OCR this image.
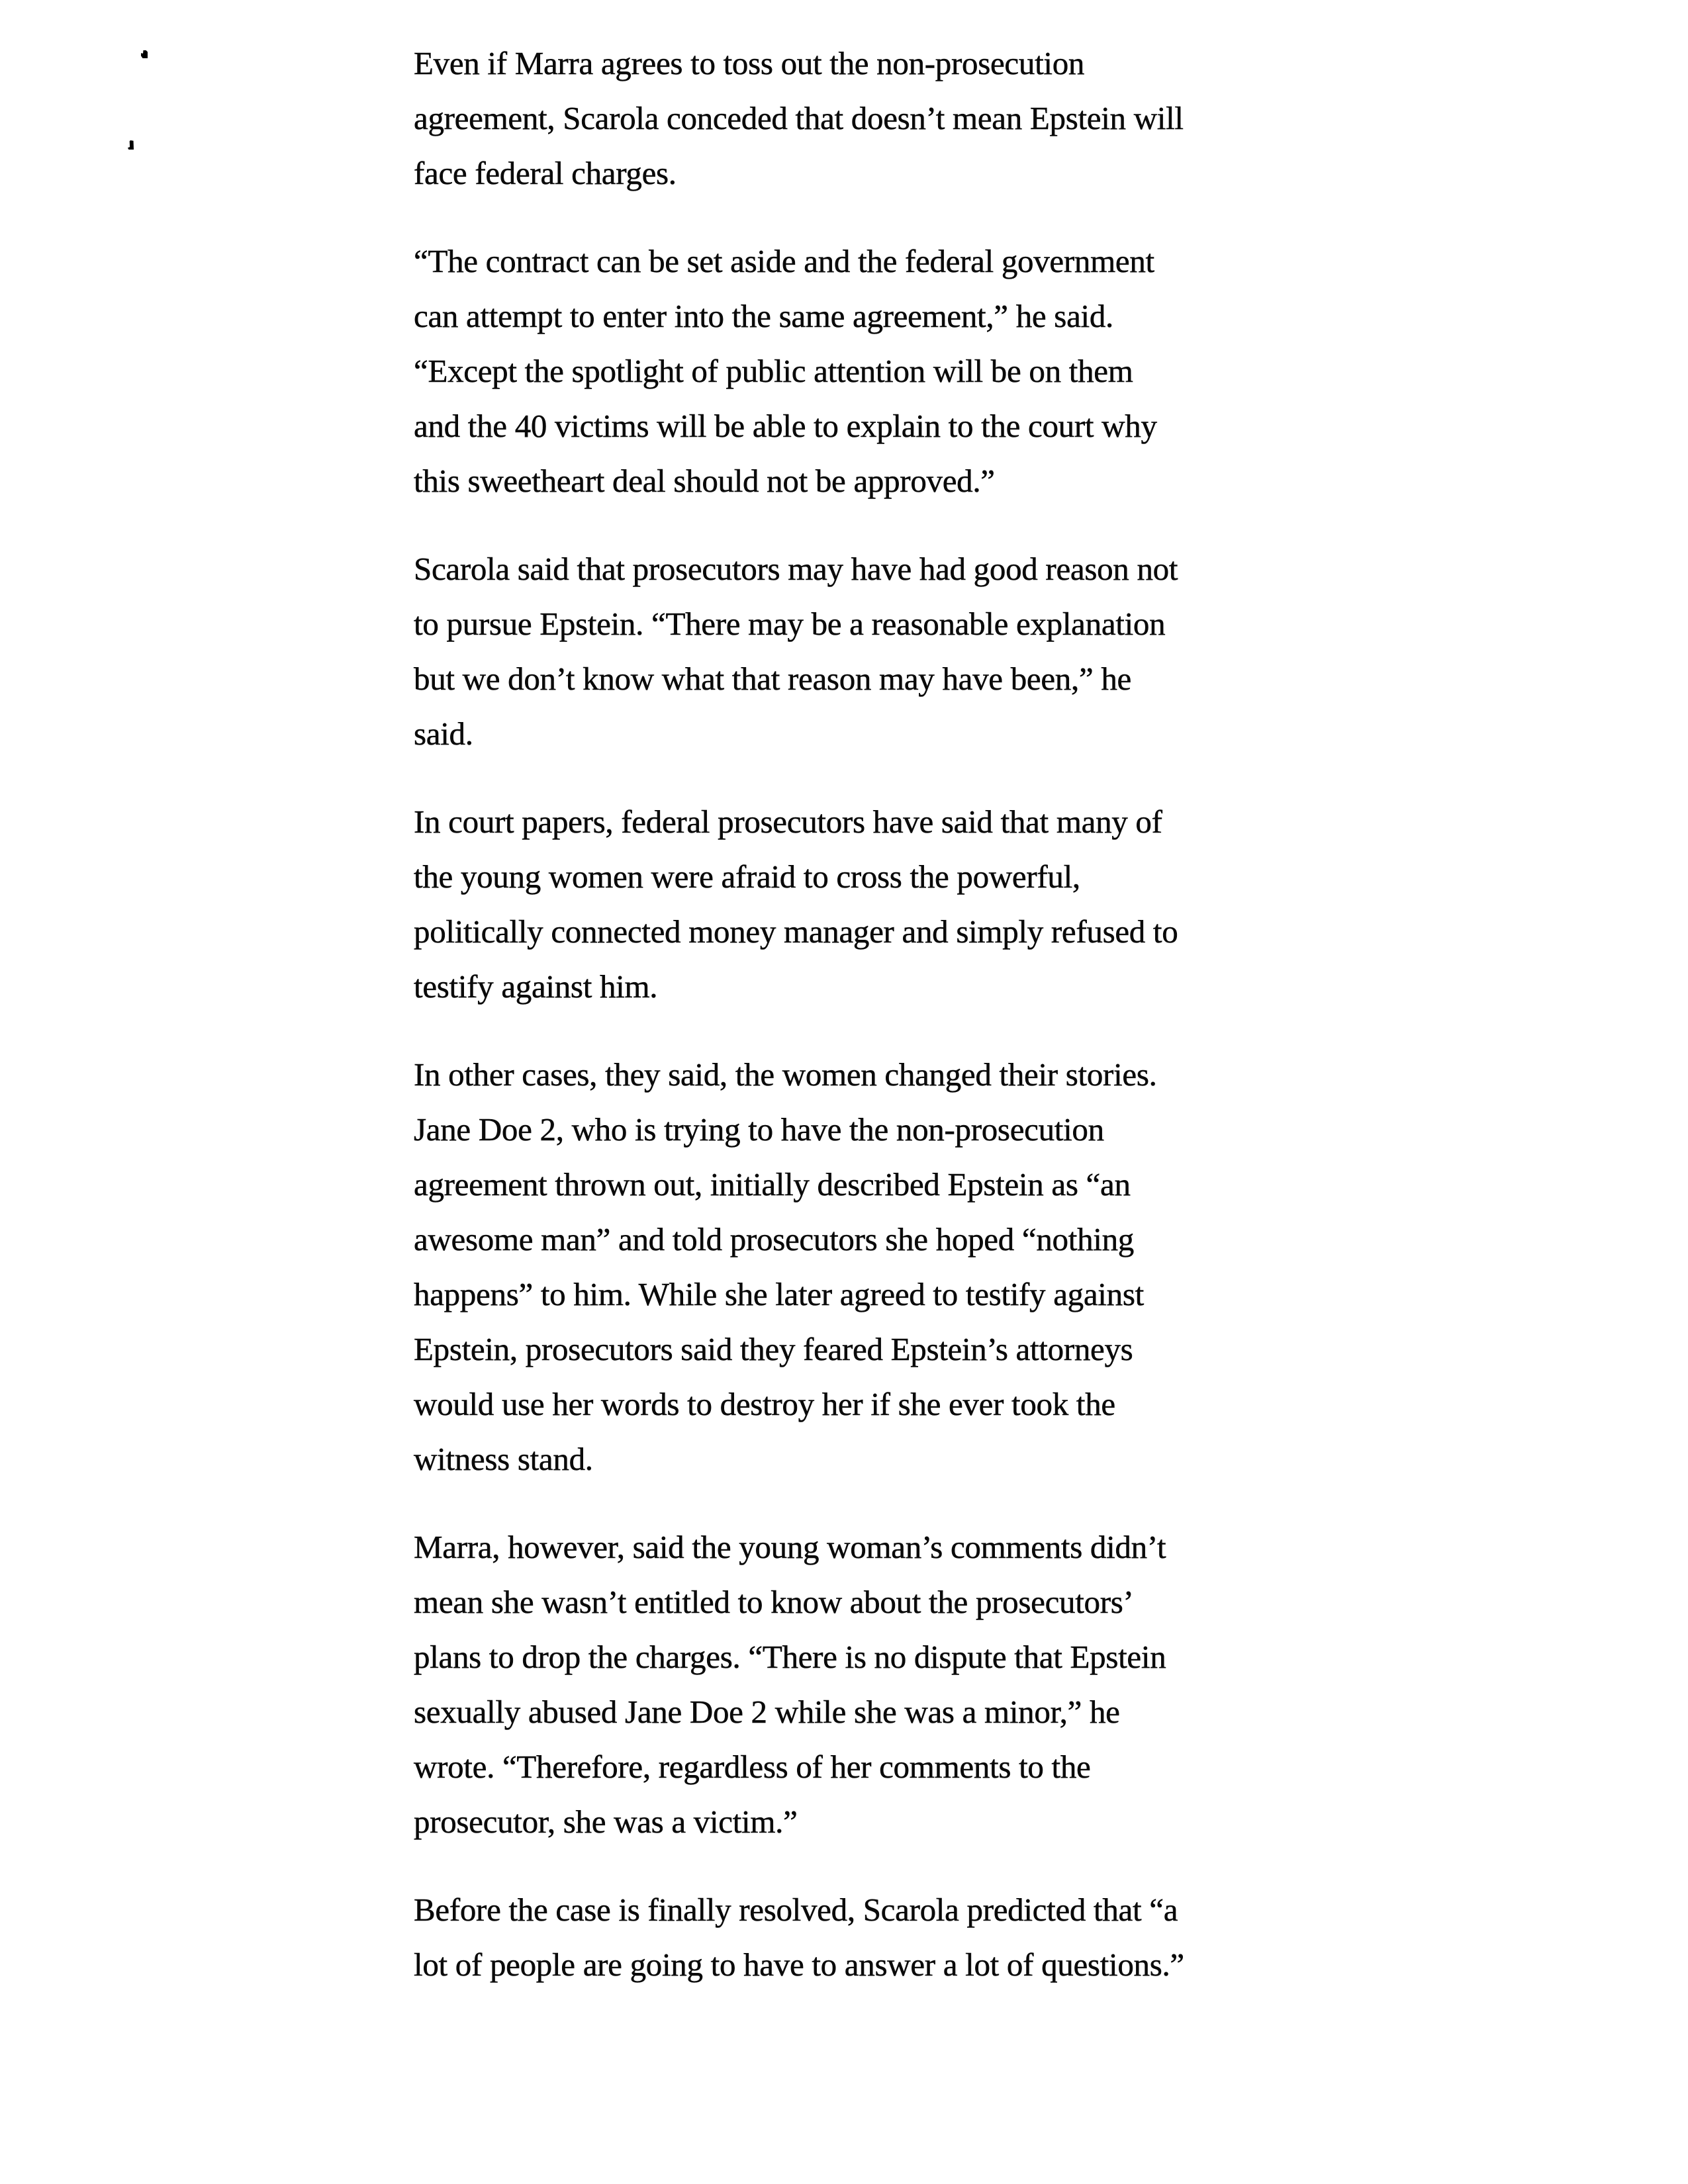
Even if Marra agrees to toss out the non-prosecution
agreement, Scarola conceded that doesn’t mean Epstein will
face federal charges.
“The contract can be set aside and the federal government
can attempt to enter into the same agreement,” he said.
“Except the spotlight of public attention will be on them
and the 40 victims will be able to explain to the court why
this sweetheart deal should not be approved.”
Scarola said that prosecutors may have had good reason not
to pursue Epstein. “There may be a reasonable explanation
but we don’t know what that reason may have been,” he
said.
In court papers, federal prosecutors have said that many of
the young women were afraid to cross the powerful,
politically connected money manager and simply refused to
testify against him.
In other cases, they said, the women changed their stories.
Jane Doe 2, who is trying to have the non-prosecution
agreement thrown out, initially described Epstein as “an
awesome man” and told prosecutors she hoped “nothing
happens” to him. While she later agreed to testify against
Epstein, prosecutors said they feared Epstein’s attorneys
would use her words to destroy her if she ever took the
witness stand.
Marra, however, said the young woman’s comments didn’t
mean she wasn’t entitled to know about the prosecutors’
plans to drop the charges. “There is no dispute that Epstein
sexually abused Jane Doe 2 while she was a minor,” he
wrote. “Therefore, regardless of her comments to the
prosecutor, she was a victim.”
Before the case is finally resolved, Scarola predicted that “a
lot of people are going to have to answer a lot of questions.”
